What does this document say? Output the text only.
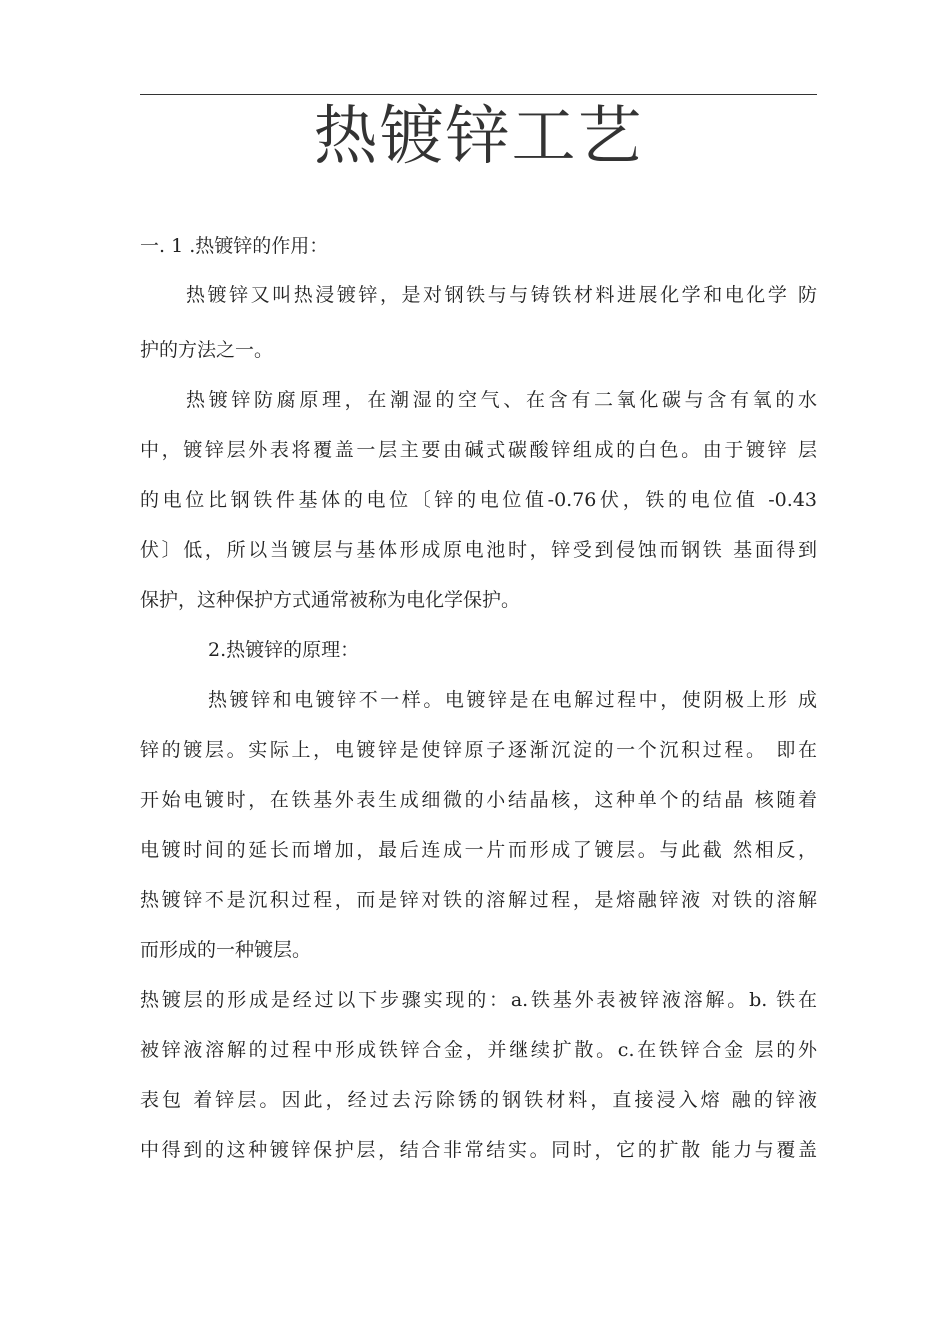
热镀锌工艺

一. 1 .热镀锌的作用：

热镀锌又叫热浸镀锌，是对钢铁与与铸铁材料进展化学和电化学 防

护的方法之一。

热镀锌防腐原理，在潮湿的空气、在含有二氧化碳与含有氧的水

中，镀锌层外表将覆盖一层主要由碱式碳酸锌组成的白色。由于镀锌 层

的电位比钢铁件基体的电位〔锌的电位值-0.76伏，铁的电位值 -0.43

伏〕低，所以当镀层与基体形成原电池时，锌受到侵蚀而钢铁 基面得到

保护，这种保护方式通常被称为电化学保护。

2.热镀锌的原理：

热镀锌和电镀锌不一样。电镀锌是在电解过程中，使阴极上形 成

锌的镀层。实际上，电镀锌是使锌原子逐渐沉淀的一个沉积过程。 即在

开始电镀时，在铁基外表生成细微的小结晶核，这种单个的结晶 核随着

电镀时间的延长而增加，最后连成一片而形成了镀层。与此截 然相反，

热镀锌不是沉积过程，而是锌对铁的溶解过程，是熔融锌液 对铁的溶解

而形成的一种镀层。

热镀层的形成是经过以下步骤实现的：a.铁基外表被锌液溶解。b. 铁在

被锌液溶解的过程中形成铁锌合金，并继续扩散。c.在铁锌合金 层的外

表包 着锌层。因此，经过去污除锈的钢铁材料，直接浸入熔 融的锌液

中得到的这种镀锌保护层，结合非常结实。同时，它的扩散 能力与覆盖
